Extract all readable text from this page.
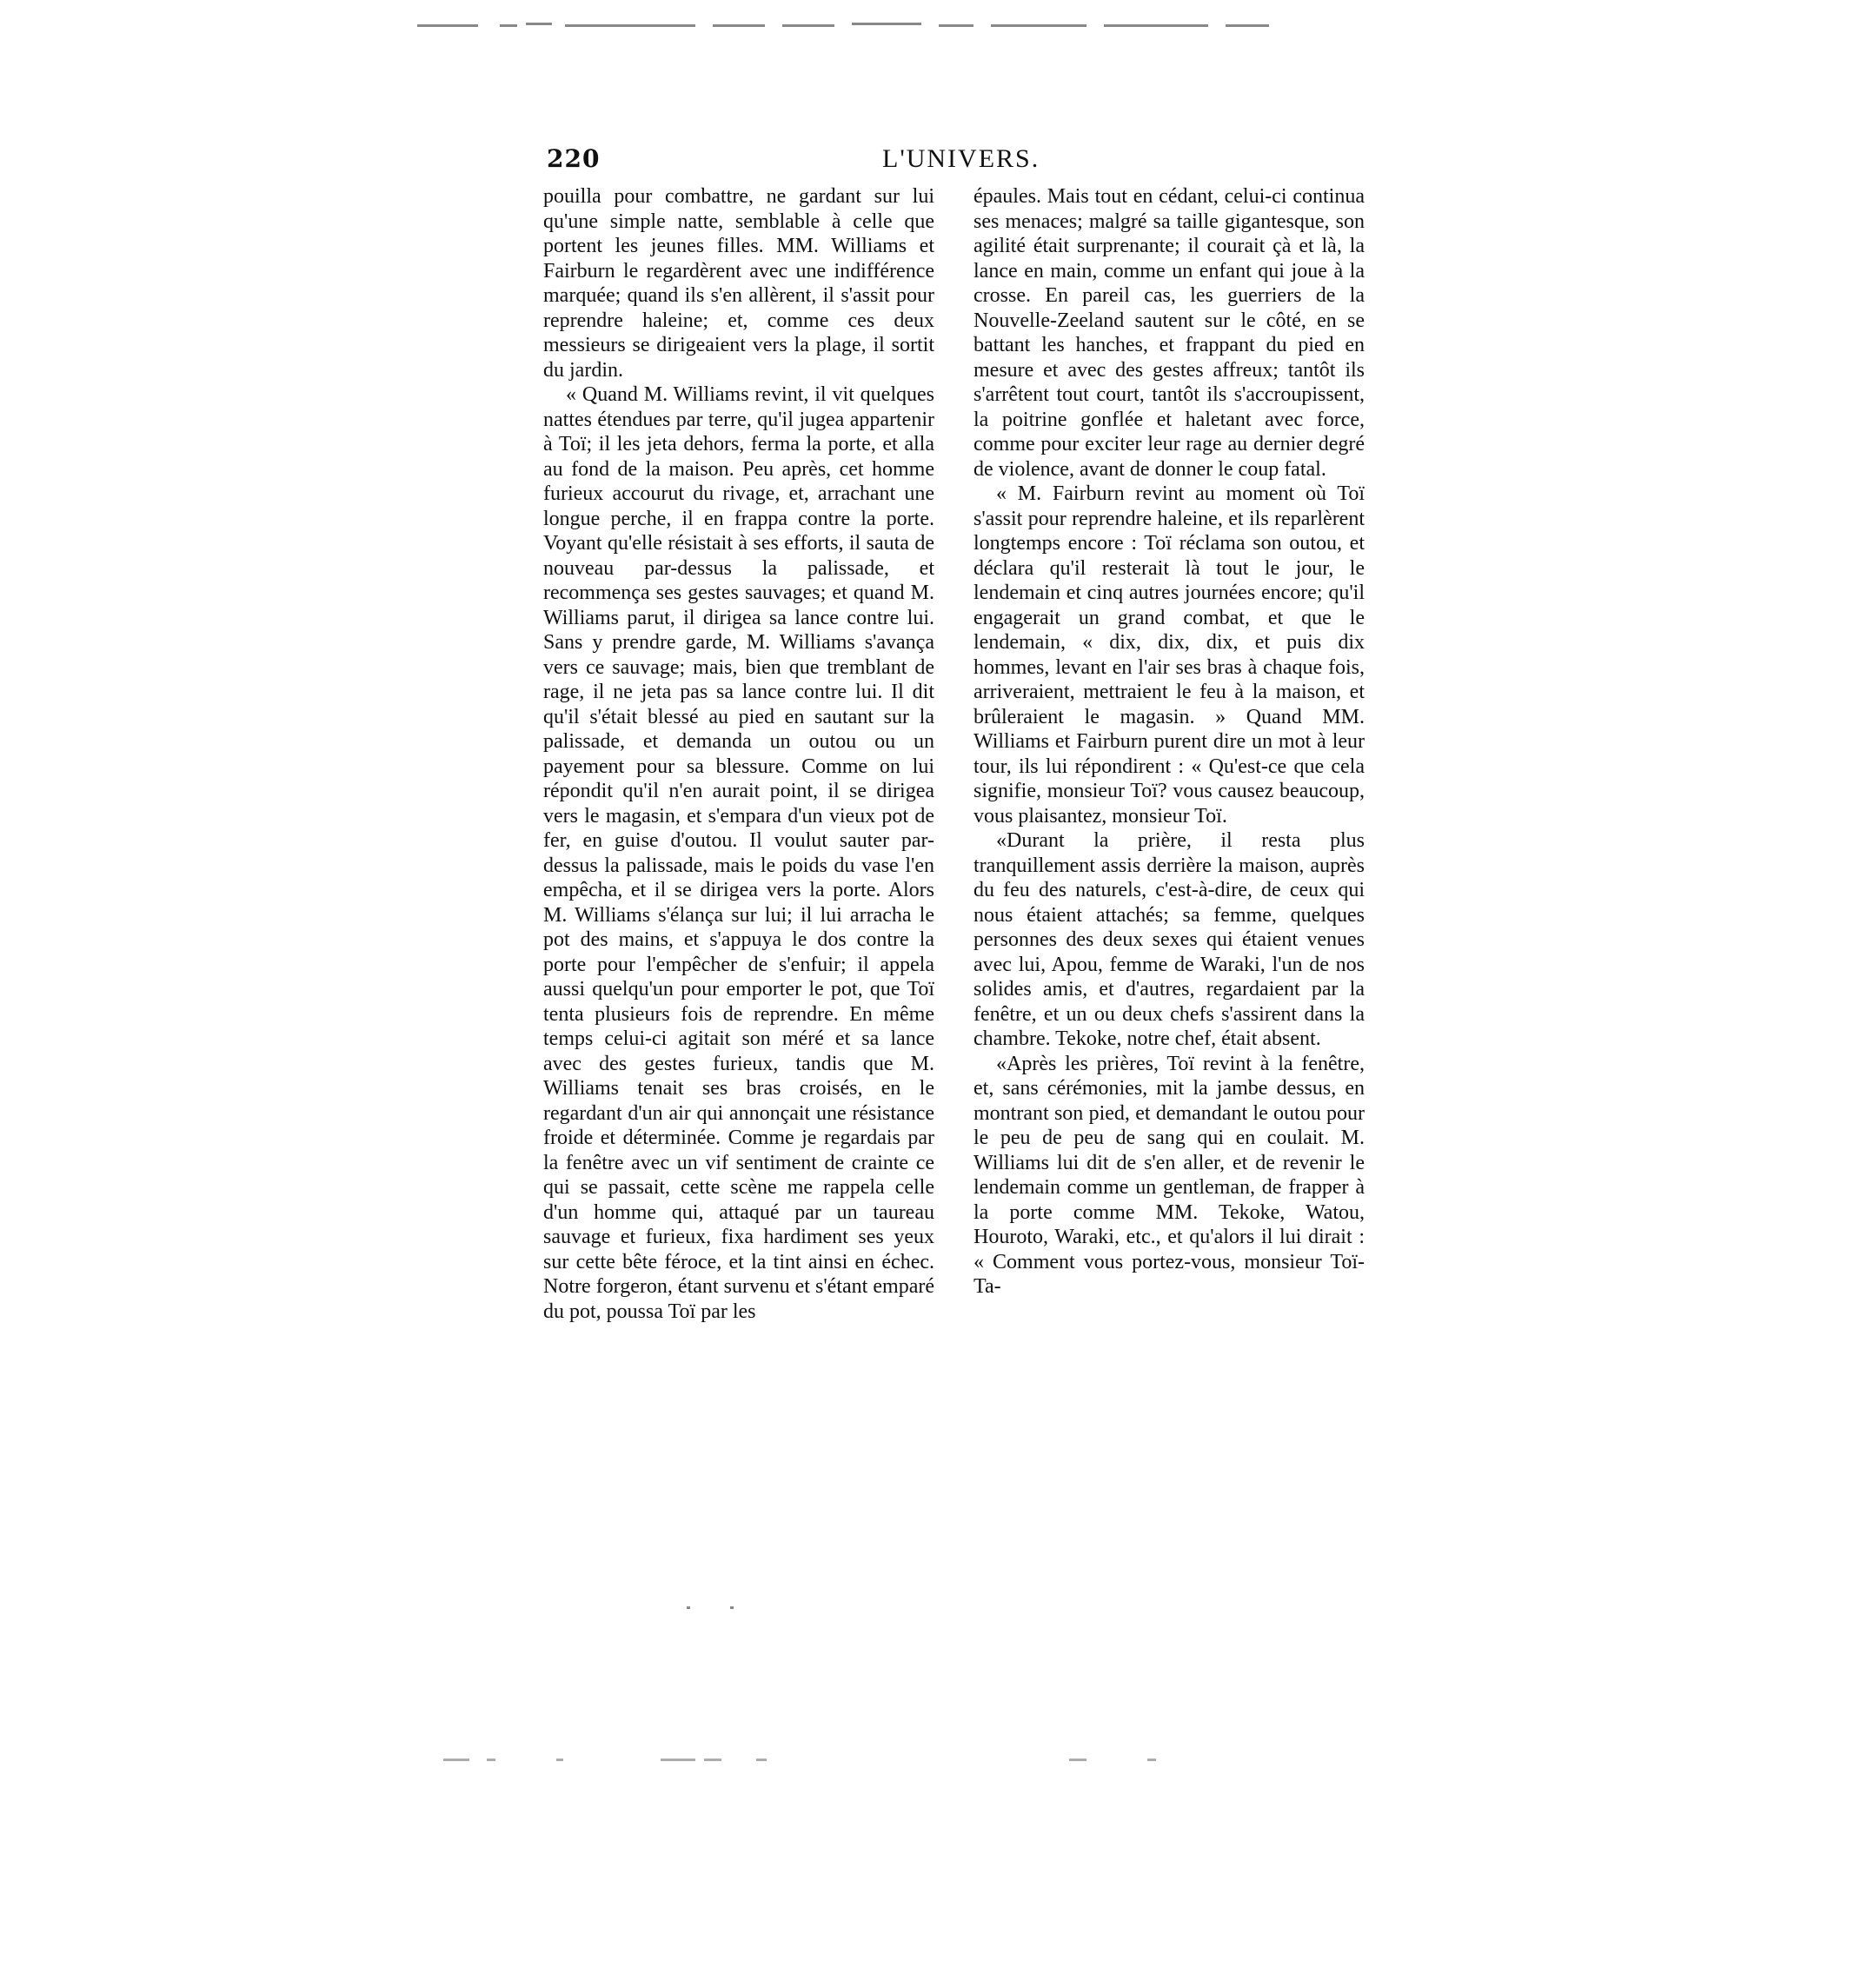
220	L'UNIVERS.

pouilla pour combattre, ne gardant sur lui qu'une simple natte, semblable à celle que portent les jeunes filles. MM. Williams et Fairburn le regardèrent avec une indifférence marquée; quand ils s'en allèrent, il s'assit pour reprendre haleine; et, comme ces deux messieurs se dirigeaient vers la plage, il sortit du jardin.

« Quand M. Williams revint, il vit quelques nattes étendues par terre, qu'il jugea appartenir à Toï; il les jeta dehors, ferma la porte, et alla au fond de la maison. Peu après, cet homme furieux accourut du rivage, et, arrachant une longue perche, il en frappa contre la porte. Voyant qu'elle résistait à ses efforts, il sauta de nouveau par-dessus la palissade, et recommença ses gestes sauvages; et quand M. Williams parut, il dirigea sa lance contre lui. Sans y prendre garde, M. Williams s'avança vers ce sauvage; mais, bien que tremblant de rage, il ne jeta pas sa lance contre lui. Il dit qu'il s'était blessé au pied en sautant sur la palissade, et demanda un outou ou un payement pour sa blessure. Comme on lui répondit qu'il n'en aurait point, il se dirigea vers le magasin, et s'empara d'un vieux pot de fer, en guise d'outou. Il voulut sauter par-dessus la palissade, mais le poids du vase l'en empêcha, et il se dirigea vers la porte. Alors M. Williams s'élança sur lui; il lui arracha le pot des mains, et s'appuya le dos contre la porte pour l'empêcher de s'enfuir; il appela aussi quelqu'un pour emporter le pot, que Toï tenta plusieurs fois de reprendre. En même temps celui-ci agitait son méré et sa lance avec des gestes furieux, tandis que M. Williams tenait ses bras croisés, en le regardant d'un air qui annonçait une résistance froide et déterminée. Comme je regardais par la fenêtre avec un vif sentiment de crainte ce qui se passait, cette scène me rappela celle d'un homme qui, attaqué par un taureau sauvage et furieux, fixa hardiment ses yeux sur cette bête féroce, et la tint ainsi en échec. Notre forgeron, étant survenu et s'étant emparé du pot, poussa Toï par les

épaules. Mais tout en cédant, celui-ci continua ses menaces; malgré sa taille gigantesque, son agilité était surprenante; il courait çà et là, la lance en main, comme un enfant qui joue à la crosse. En pareil cas, les guerriers de la Nouvelle-Zeeland sautent sur le côté, en se battant les hanches, et frappant du pied en mesure et avec des gestes affreux; tantôt ils s'arrêtent tout court, tantôt ils s'accroupissent, la poitrine gonflée et haletant avec force, comme pour exciter leur rage au dernier degré de violence, avant de donner le coup fatal.

« M. Fairburn revint au moment où Toï s'assit pour reprendre haleine, et ils reparlèrent longtemps encore : Toï réclama son outou, et déclara qu'il resterait là tout le jour, le lendemain et cinq autres journées encore; qu'il engagerait un grand combat, et que le lendemain, « dix, dix, dix, et puis dix hommes, levant en l'air ses bras à chaque fois, arriveraient, mettraient le feu à la maison, et brûleraient le magasin. » Quand MM. Williams et Fairburn purent dire un mot à leur tour, ils lui répondirent : « Qu'est-ce que cela signifie, monsieur Toï? vous causez beaucoup, vous plaisantez, monsieur Toï.

«Durant la prière, il resta plus tranquillement assis derrière la maison, auprès du feu des naturels, c'est-à-dire, de ceux qui nous étaient attachés; sa femme, quelques personnes des deux sexes qui étaient venues avec lui, Apou, femme de Waraki, l'un de nos solides amis, et d'autres, regardaient par la fenêtre, et un ou deux chefs s'assirent dans la chambre. Tekoke, notre chef, était absent.

«Après les prières, Toï revint à la fenêtre, et, sans cérémonies, mit la jambe dessus, en montrant son pied, et demandant le outou pour le peu de peu de sang qui en coulait. M. Williams lui dit de s'en aller, et de revenir le lendemain comme un gentleman, de frapper à la porte comme MM. Tekoke, Watou, Houroto, Waraki, etc., et qu'alors il lui dirait : « Comment vous portez-vous, monsieur Toï-Ta-
